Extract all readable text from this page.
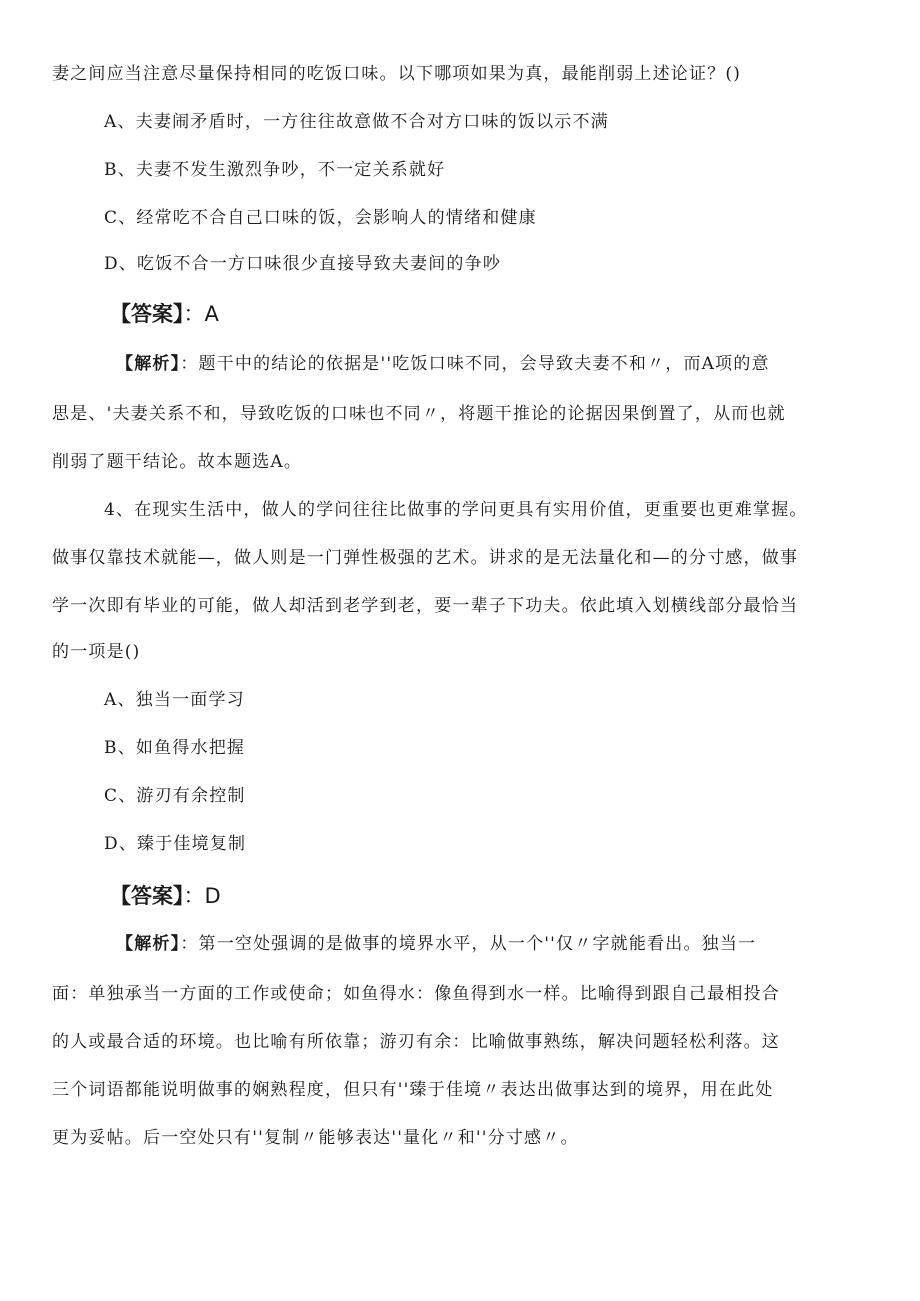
妻之间应当注意尽量保持相同的吃饭口味。以下哪项如果为真，最能削弱上述论证？()
A、夫妻闹矛盾时，一方往往故意做不合对方口味的饭以示不满
B、夫妻不发生激烈争吵，不一定关系就好
C、经常吃不合自己口味的饭，会影响人的情绪和健康
D、吃饭不合一方口味很少直接导致夫妻间的争吵
【答案】：A
【解析】：题干中的结论的依据是''吃饭口味不同，会导致夫妻不和〃，而A项的意
思是、'夫妻关系不和，导致吃饭的口味也不同〃，将题干推论的论据因果倒置了，从而也就
削弱了题干结论。故本题选A。
4、在现实生活中，做人的学问往往比做事的学问更具有实用价值，更重要也更难掌握。
做事仅靠技术就能—，做人则是一门弹性极强的艺术。讲求的是无法量化和—的分寸感，做事
学一次即有毕业的可能，做人却活到老学到老，要一辈子下功夫。依此填入划横线部分最恰当
的一项是()
A、独当一面学习
B、如鱼得水把握
C、游刃有余控制
D、臻于佳境复制
【答案】：D
【解析】：第一空处强调的是做事的境界水平，从一个''仅〃字就能看出。独当一
面：单独承当一方面的工作或使命；如鱼得水：像鱼得到水一样。比喻得到跟自己最相投合
的人或最合适的环境。也比喻有所依靠；游刃有余：比喻做事熟练，解决问题轻松利落。这
三个词语都能说明做事的娴熟程度，但只有''臻于佳境〃表达出做事达到的境界，用在此处
更为妥帖。后一空处只有''复制〃能够表达''量化〃和''分寸感〃。
